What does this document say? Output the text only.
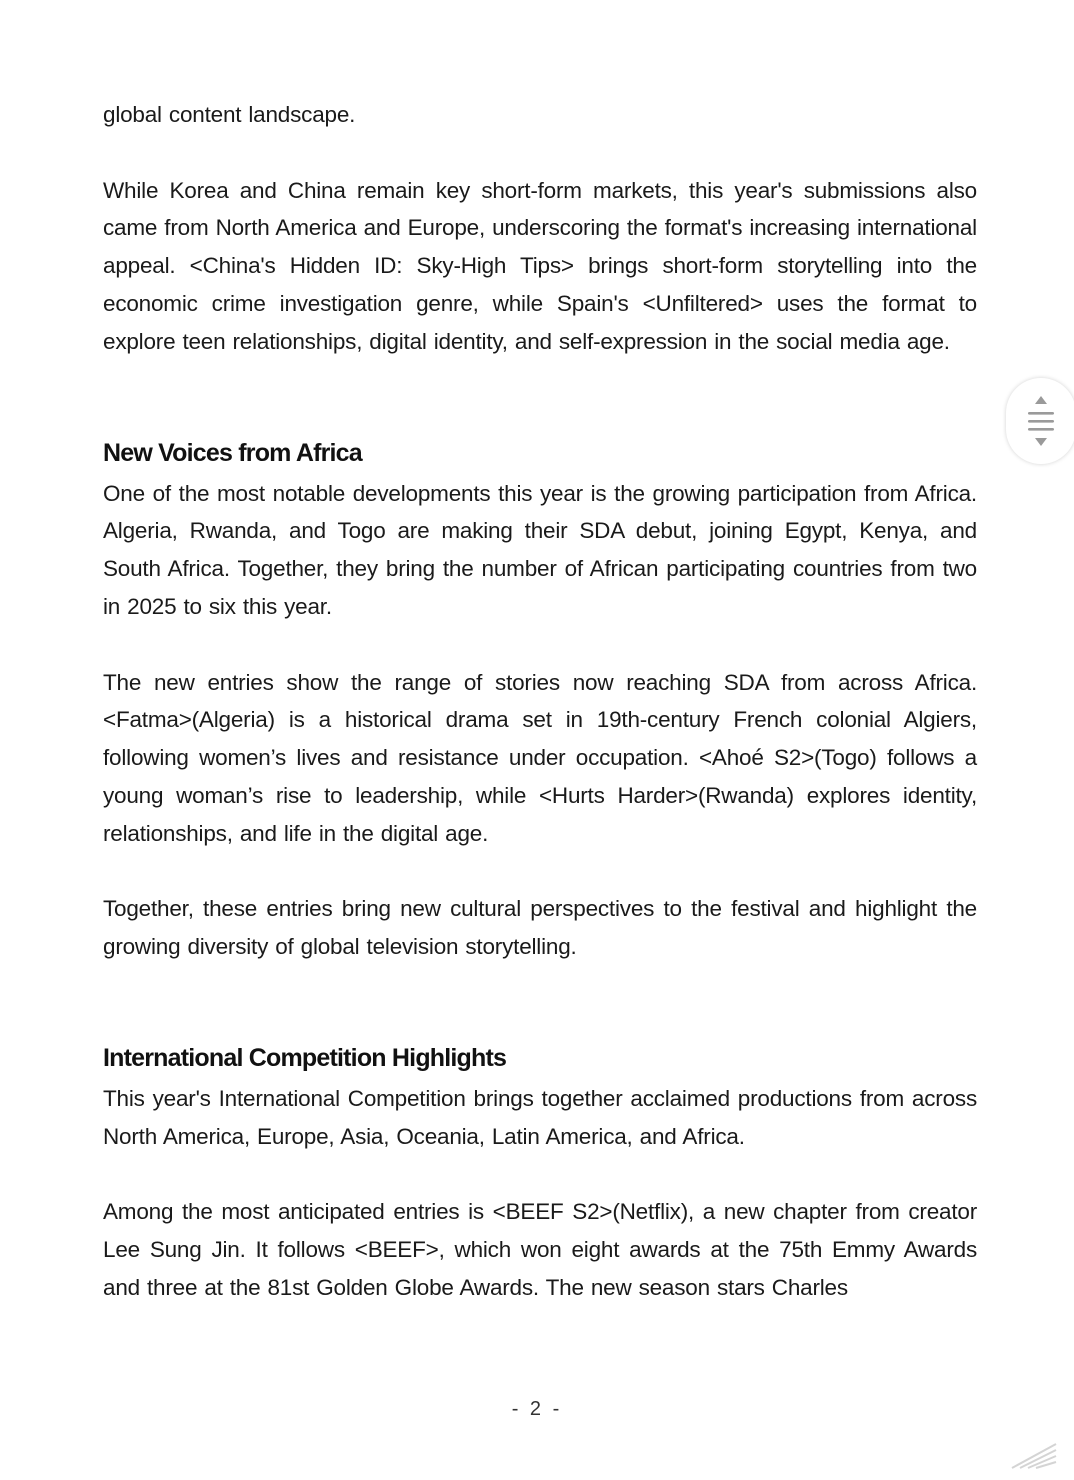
global content landscape.

While Korea and China remain key short-form markets, this year's submissions also came from North America and Europe, underscoring the format's increasing international appeal. <China's Hidden ID: Sky-High Tips> brings short-form storytelling into the economic crime investigation genre, while Spain's <Unfiltered> uses the format to explore teen relationships, digital identity, and self-expression in the social media age.

New Voices from Africa

One of the most notable developments this year is the growing participation from Africa. Algeria, Rwanda, and Togo are making their SDA debut, joining Egypt, Kenya, and South Africa. Together, they bring the number of African participating countries from two in 2025 to six this year.

The new entries show the range of stories now reaching SDA from across Africa. <Fatma>(Algeria) is a historical drama set in 19th-century French colonial Algiers, following women’s lives and resistance under occupation. <Ahoé S2>(Togo) follows a young woman’s rise to leadership, while <Hurts Harder>(Rwanda) explores identity, relationships, and life in the digital age.

Together, these entries bring new cultural perspectives to the festival and highlight the growing diversity of global television storytelling.

International Competition Highlights

This year's International Competition brings together acclaimed productions from across North America, Europe, Asia, Oceania, Latin America, and Africa.

Among the most anticipated entries is <BEEF S2>(Netflix), a new chapter from creator Lee Sung Jin. It follows <BEEF>, which won eight awards at the 75th Emmy Awards and three at the 81st Golden Globe Awards. The new season stars Charles

- 2 -
